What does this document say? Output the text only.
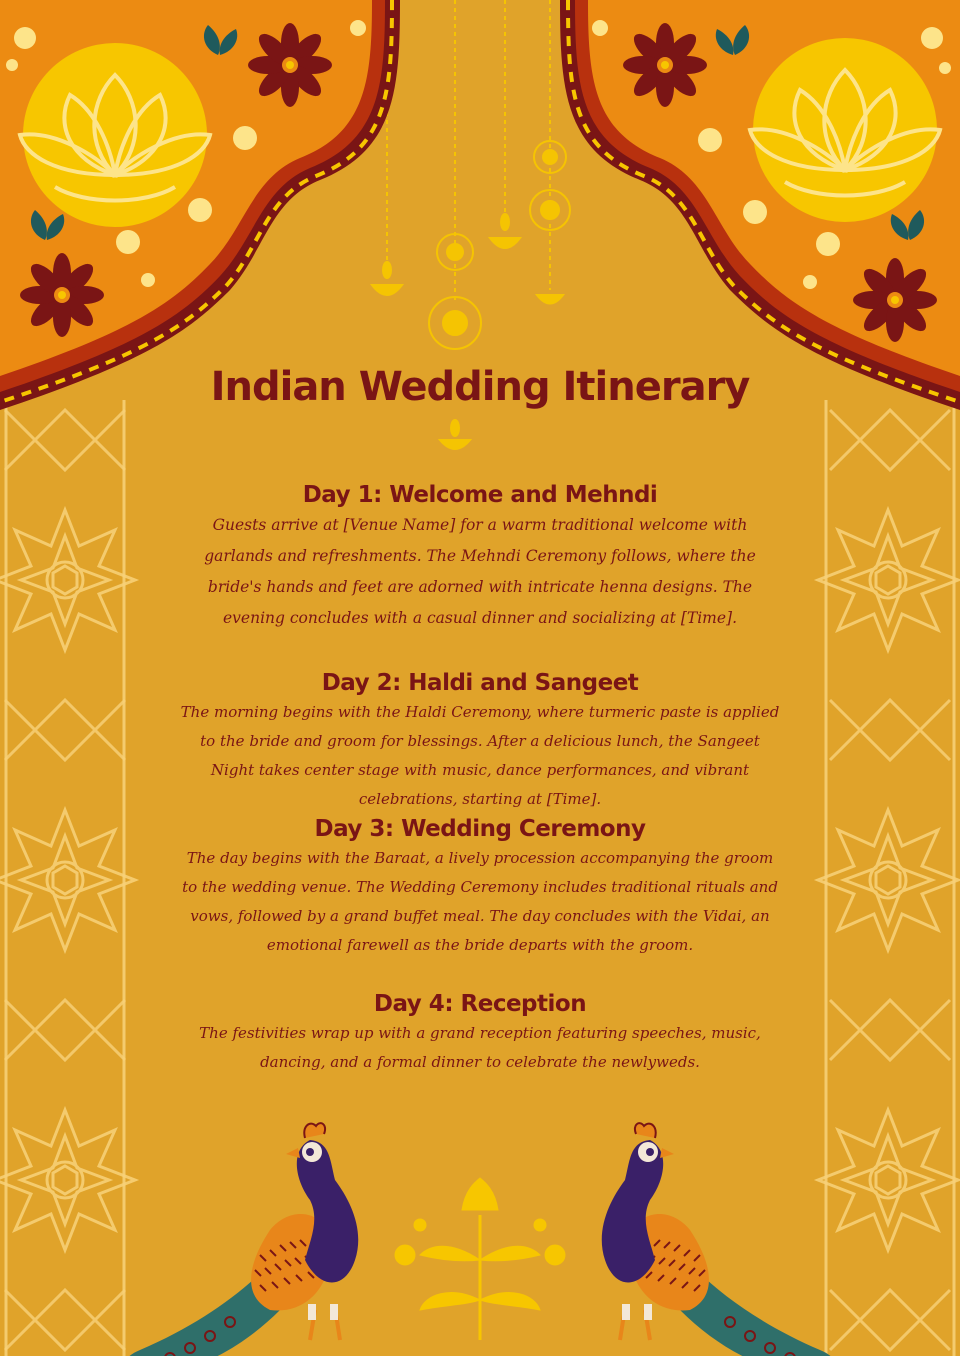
Indian Wedding Itinerary
Day 1: Welcome and Mehndi

Guests arrive at [Venue Name] for a warm traditional welcome with garlands and refreshments. The Mehndi Ceremony follows, where the bride's hands and feet are adorned with intricate henna designs. The evening concludes with a casual dinner and socializing at [Time].

Day 2: Haldi and Sangeet

The morning begins with the Haldi Ceremony, where turmeric paste is applied to the bride and groom for blessings. After a delicious lunch, the Sangeet Night takes center stage with music, dance performances, and vibrant celebrations, starting at [Time].

Day 3: Wedding Ceremony

The day begins with the Baraat, a lively procession accompanying the groom to the wedding venue. The Wedding Ceremony includes traditional rituals and vows, followed by a grand buffet meal. The day concludes with the Vidai, an emotional farewell as the bride departs with the groom.

Day 4: Reception

The festivities wrap up with a grand reception featuring speeches, music, dancing, and a formal dinner to celebrate the newlyweds.
